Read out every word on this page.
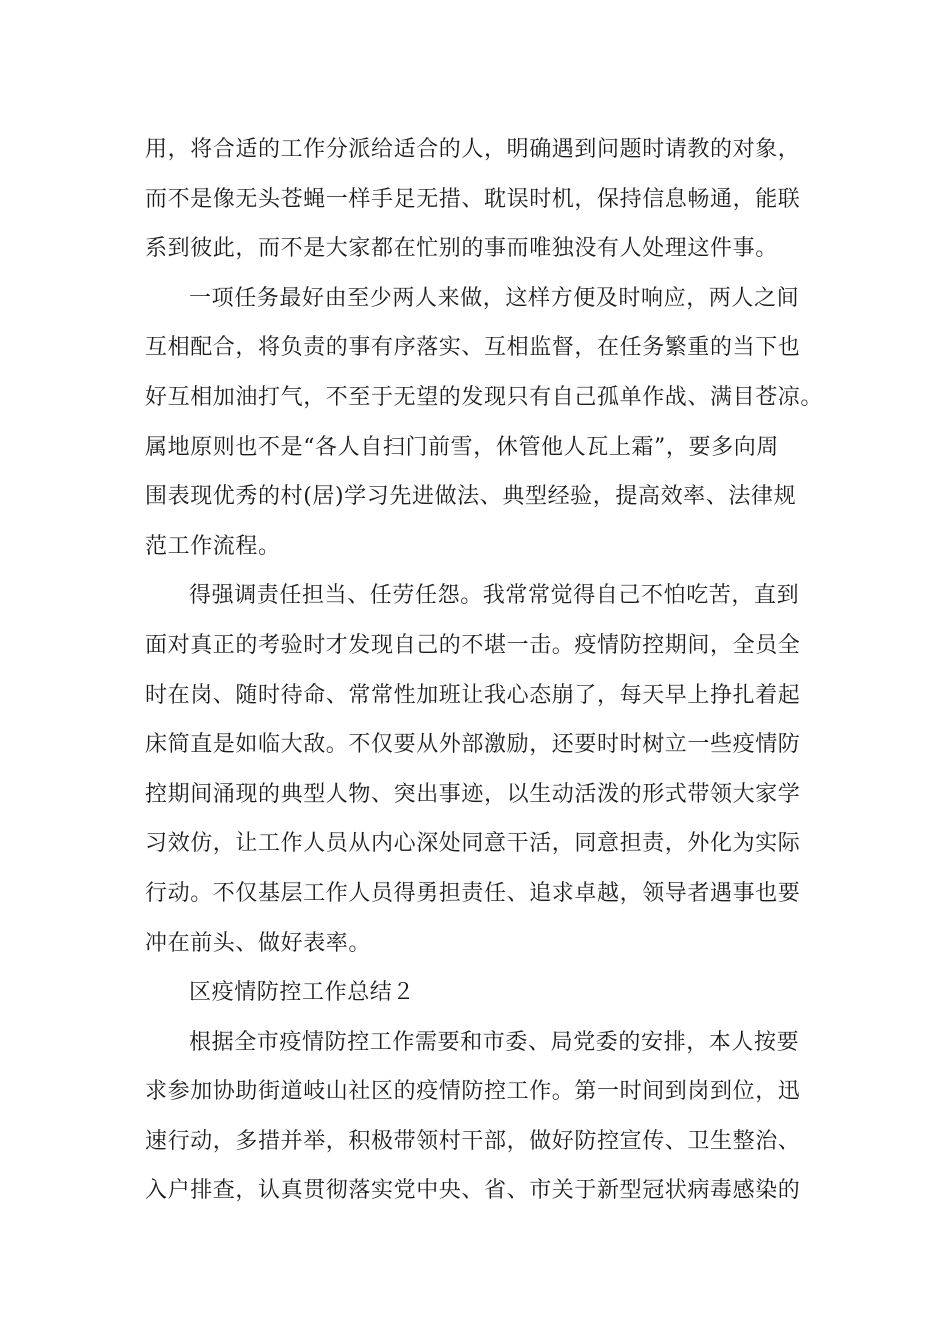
用，将合适的工作分派给适合的人，明确遇到问题时请教的对象，
而不是像无头苍蝇一样手足无措、耽误时机，保持信息畅通，能联
系到彼此，而不是大家都在忙别的事而唯独没有人处理这件事。
一项任务最好由至少两人来做，这样方便及时响应，两人之间
互相配合，将负责的事有序落实、互相监督，在任务繁重的当下也
好互相加油打气，不至于无望的发现只有自己孤单作战、满目苍凉。
属地原则也不是“各人自扫门前雪，休管他人瓦上霜”，要多向周
围表现优秀的村(居)学习先进做法、典型经验，提高效率、法律规
范工作流程。
得强调责任担当、任劳任怨。我常常觉得自己不怕吃苦，直到
面对真正的考验时才发现自己的不堪一击。疫情防控期间，全员全
时在岗、随时待命、常常性加班让我心态崩了，每天早上挣扎着起
床简直是如临大敌。不仅要从外部激励，还要时时树立一些疫情防
控期间涌现的典型人物、突出事迹，以生动活泼的形式带领大家学
习效仿，让工作人员从内心深处同意干活，同意担责，外化为实际
行动。不仅基层工作人员得勇担责任、追求卓越，领导者遇事也要
冲在前头、做好表率。
区疫情防控工作总结２
根据全市疫情防控工作需要和市委、局党委的安排，本人按要
求参加协助街道岐山社区的疫情防控工作。第一时间到岗到位，迅
速行动，多措并举，积极带领村干部，做好防控宣传、卫生整治、
入户排查，认真贯彻落实党中央、省、市关于新型冠状病毒感染的
